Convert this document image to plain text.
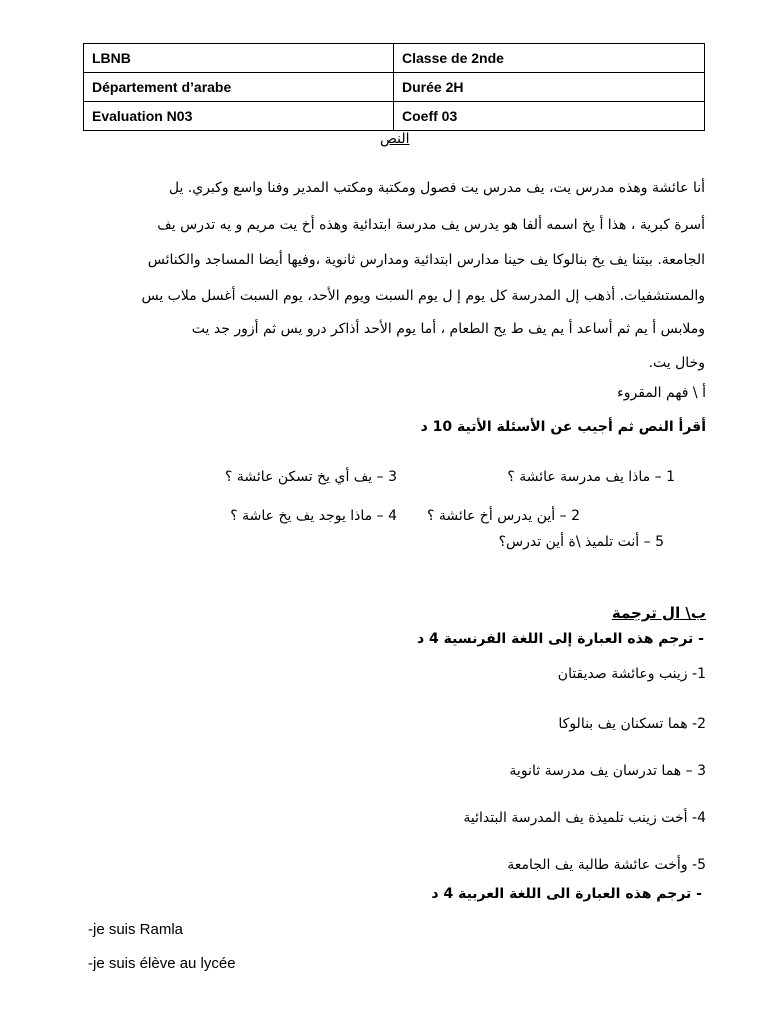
LBNB	Classe de 2nde
Département d’arabe	Durée 2H
Evaluation N03	Coeff 03
النص
أنا عائشة وهذه مدرس يت، يف مدرس يت فصول ومكتبة ومكتب المدير وفنا واسع وكبري. يل
أسرة كبرية ، هذا أ يخ اسمه ألفا هو يدرس يف مدرسة ابتدائية وهذه أخ يت مريم و يه تدرس يف
الجامعة. بيتنا يف يخ بنالوكا يف حينا مدارس ابتدائية ومدارس ثانوية ،وفيها أيضا المساجد والكنائس
والمستشفيات. أذهب إل المدرسة كل يوم إ ل يوم السبت ويوم الأحد، يوم السبت أغسل ملاب يس
وملابس أ يم ثم أساعد أ يم يف ط يح الطعام ، أما يوم الأحد أذاكر درو يس ثم أزور جد يت
وخال يت.
أ \ فهم المقروء
أقرأ النص ثم أجيب عن الأسئلة الأتية 10 د
1 – ماذا يف مدرسة عائشة ؟
3 – يف أي يخ تسكن عائشة ؟
2 – أين يدرس أخ عائشة ؟
4 – ماذا يوجد يف يخ عاشة ؟
5 – أنت تلميذ \ة أين تدرس؟
ب\ ال ترجمة
- ترجم هذه العبارة إلى اللغة الفرنسية 4 د
1- زينب وعائشة صديقتان
2- هما تسكنان يف بنالوكا
3 – هما تدرسان يف مدرسة ثانوية
4- أخت زينب تلميذة يف المدرسة البتدائية
5- وأخت عائشة طالبة يف الجامعة
- ترجم هذه العبارة الى اللغة العربية 4 د
-je suis Ramla
-je suis élève au lycée
